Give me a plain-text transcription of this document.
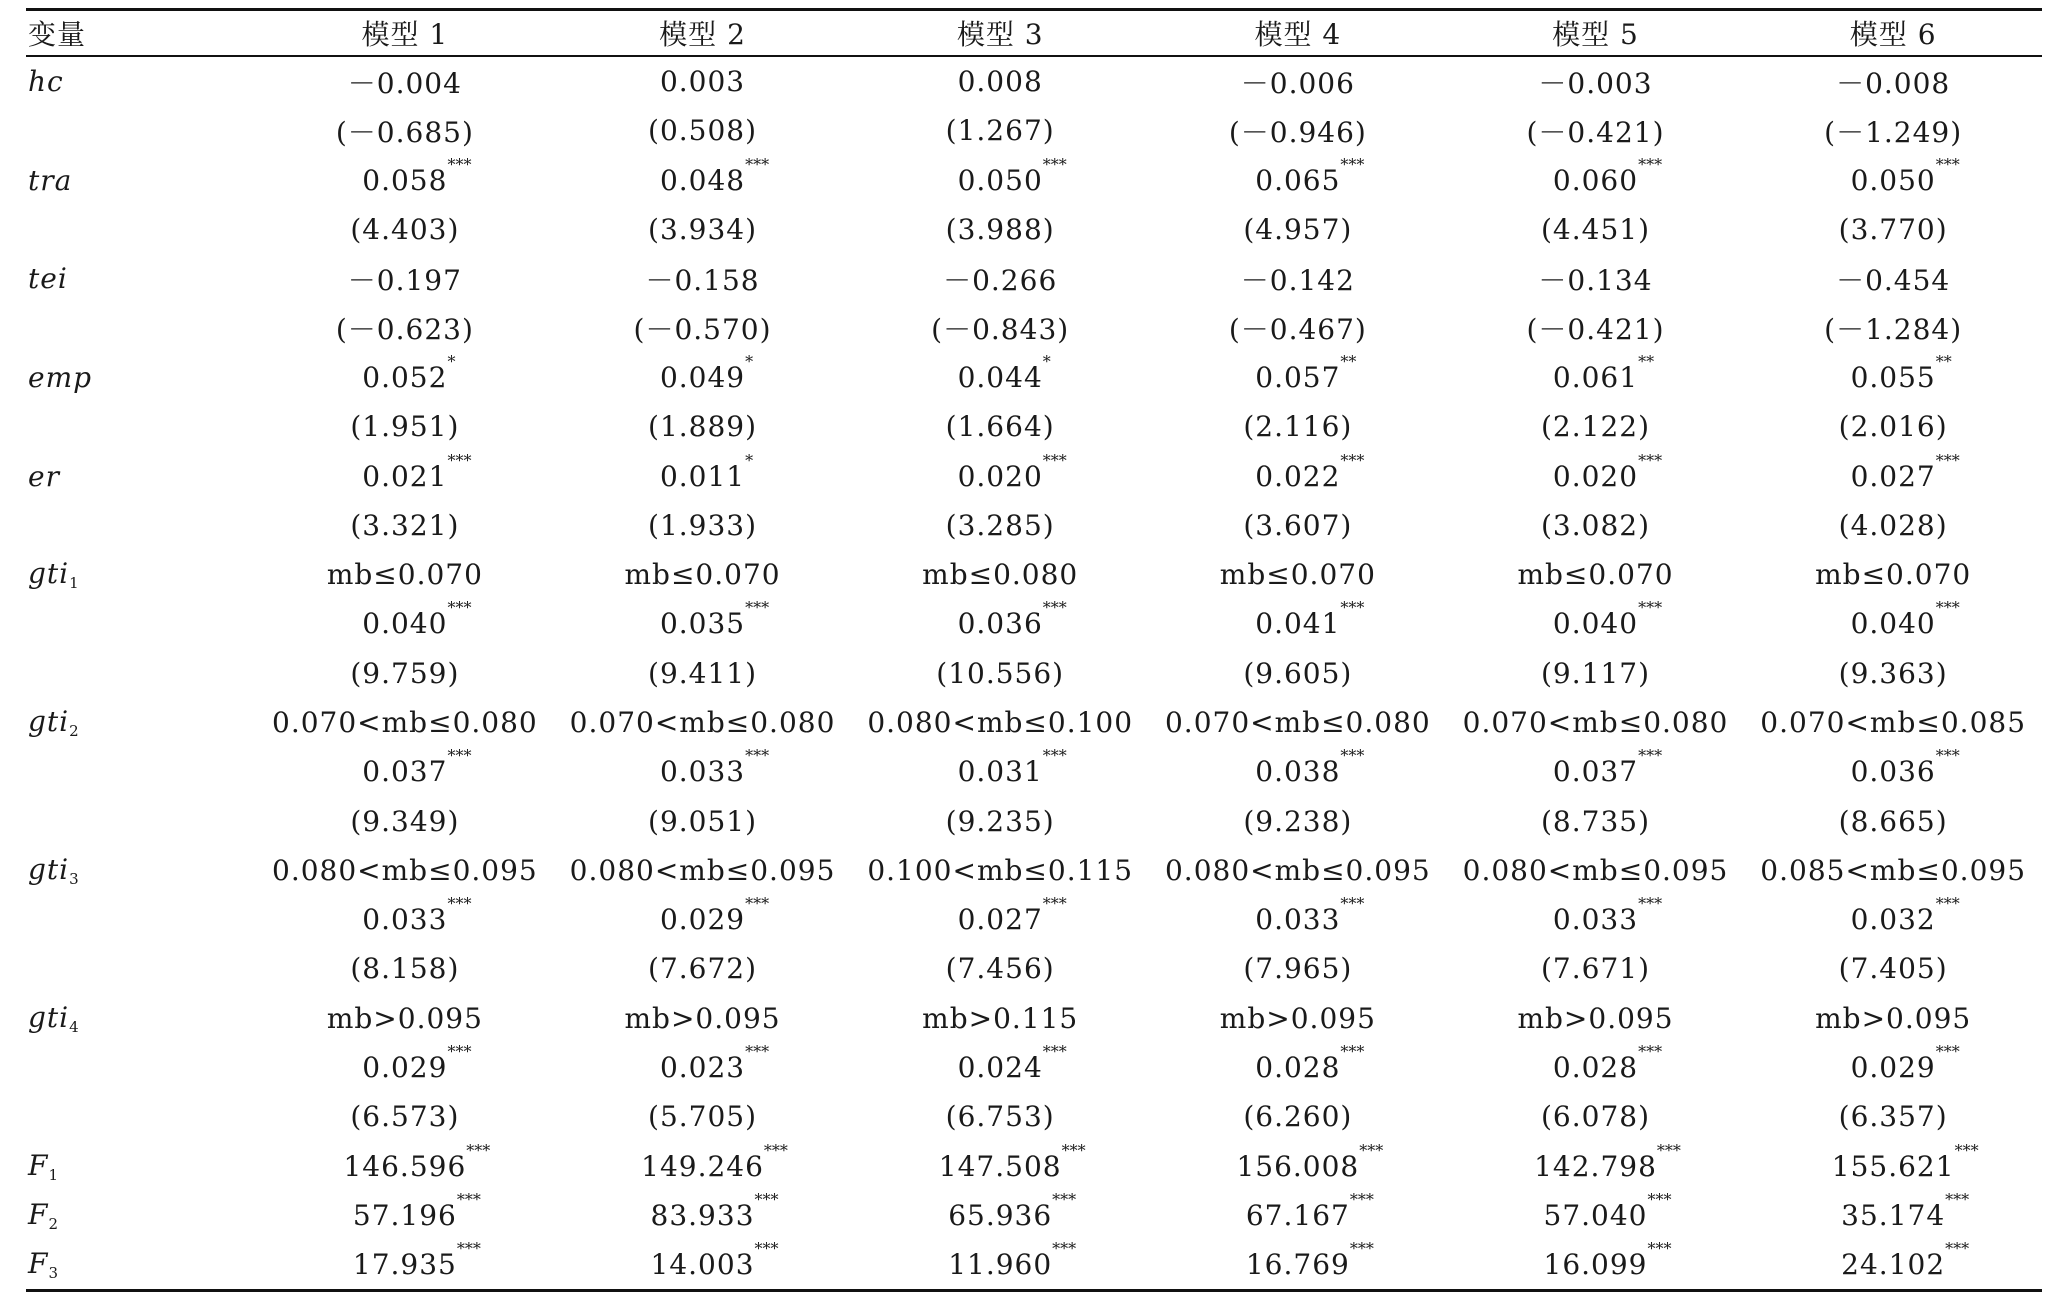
变量	模型 1	模型 2	模型 3	模型 4	模型 5	模型 6
hc	－0.004	0.003	0.008	－0.006	－0.003	－0.008
	(－0.685)	(0.508)	(1.267)	(－0.946)	(－0.421)	(－1.249)
tra	0.058 ***	0.048 ***	0.050 ***	0.065 ***	0.060 ***	0.050 ***

	(4.403)	(3.934)	(3.988)	(4.957)	(4.451)	(3.770)
tei	－0.197	－0.158	－0.266	－0.142	－0.134	－0.454
	(－0.623)	(－0.570)	(－0.843)	(－0.467)	(－0.421)	(－1.284)
emp	0.052 *	0.049 *	0.044 *	0.057 **	0.061 **	0.055 **

	(1.951)	(1.889)	(1.664)	(2.116)	(2.122)	(2.016)
er	0.021 ***	0.011 *	0.020 ***	0.022 ***	0.020 ***	0.027 ***

	(3.321)	(1.933)	(3.285)	(3.607)	(3.082)	(4.028)
gti$_1$	mb≤0.070	mb≤0.070	mb≤0.080	mb≤0.070	mb≤0.070	mb≤0.070
	0.040 ***	0.035 ***	0.036 ***	0.041 ***	0.040 ***	0.040 ***

	(9.759)	(9.411)	(10.556)	(9.605)	(9.117)	(9.363)
gti$_2$	0.070<mb≤0.080	0.070<mb≤0.080	0.080<mb≤0.100	0.070<mb≤0.080	0.070<mb≤0.080	0.070<mb≤0.085
	0.037 ***	0.033 ***	0.031 ***	0.038 ***	0.037 ***	0.036 ***

	(9.349)	(9.051)	(9.235)	(9.238)	(8.735)	(8.665)
gti$_3$	0.080<mb≤0.095	0.080<mb≤0.095	0.100<mb≤0.115	0.080<mb≤0.095	0.080<mb≤0.095	0.085<mb≤0.095
	0.033 ***	0.029 ***	0.027 ***	0.033 ***	0.033 ***	0.032 ***

	(8.158)	(7.672)	(7.456)	(7.965)	(7.671)	(7.405)
gti$_4$	mb>0.095	mb>0.095	mb>0.115	mb>0.095	mb>0.095	mb>0.095
	0.029 ***	0.023 ***	0.024 ***	0.028 ***	0.028 ***	0.029 ***

	(6.573)	(5.705)	(6.753)	(6.260)	(6.078)	(6.357)
$F_1$	146.596 ***	149.246 ***	147.508 ***	156.008 ***	142.798 ***	155.621 ***

$F_2$	57.196 ***	83.933 ***	65.936 ***	67.167 ***	57.040 ***	35.174 ***

$F_3$	17.935 ***	14.003 ***	11.960 ***	16.769 ***	16.099 ***	24.102 ***
